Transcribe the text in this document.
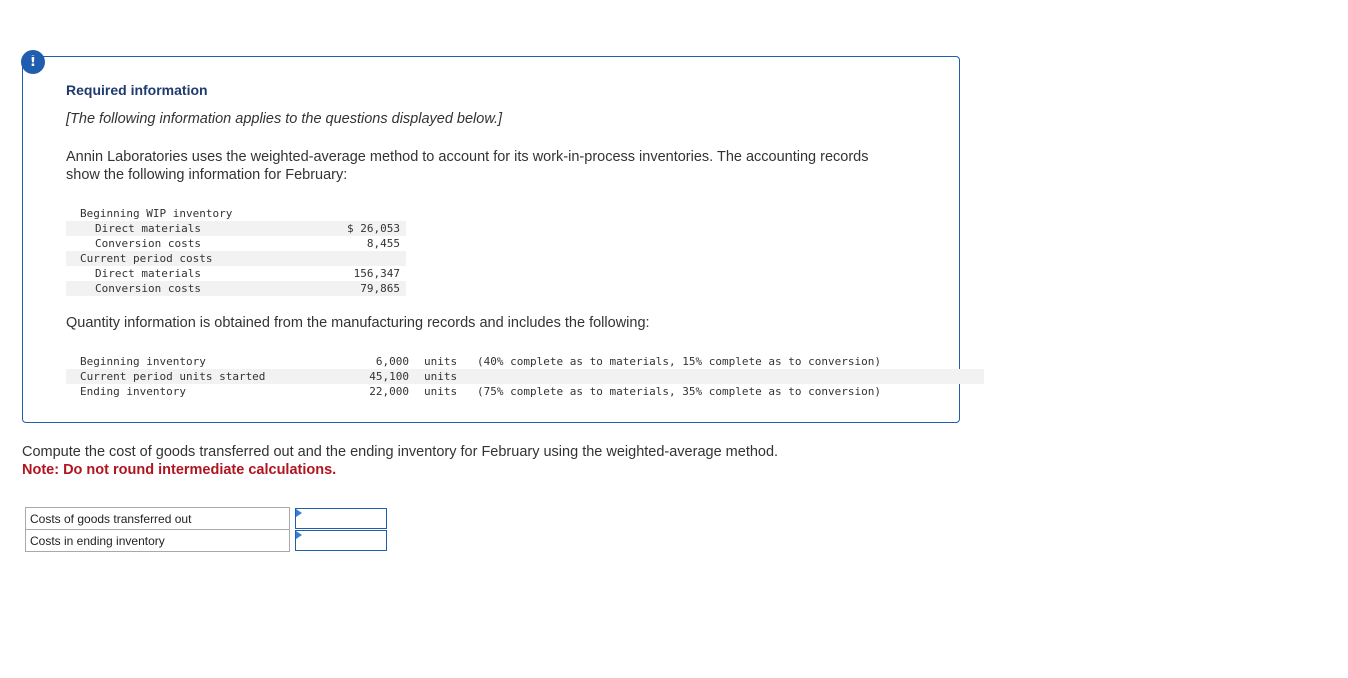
!
Required information
[The following information applies to the questions displayed below.]
Annin Laboratories uses the weighted-average method to account for its work-in-process inventories. The accounting records show the following information for February:
Beginning WIP inventory
Direct materials	$ 26,053
Conversion costs	8,455
Current period costs
Direct materials	156,347
Conversion costs	79,865
Quantity information is obtained from the manufacturing records and includes the following:
Beginning inventory	6,000 units (40% complete as to materials, 15% complete as to conversion)
Current period units started	45,100 units
Ending inventory	22,000 units (75% complete as to materials, 35% complete as to conversion)
Compute the cost of goods transferred out and the ending inventory for February using the weighted-average method.
Note: Do not round intermediate calculations.
Costs of goods transferred out	

Costs in ending inventory	
